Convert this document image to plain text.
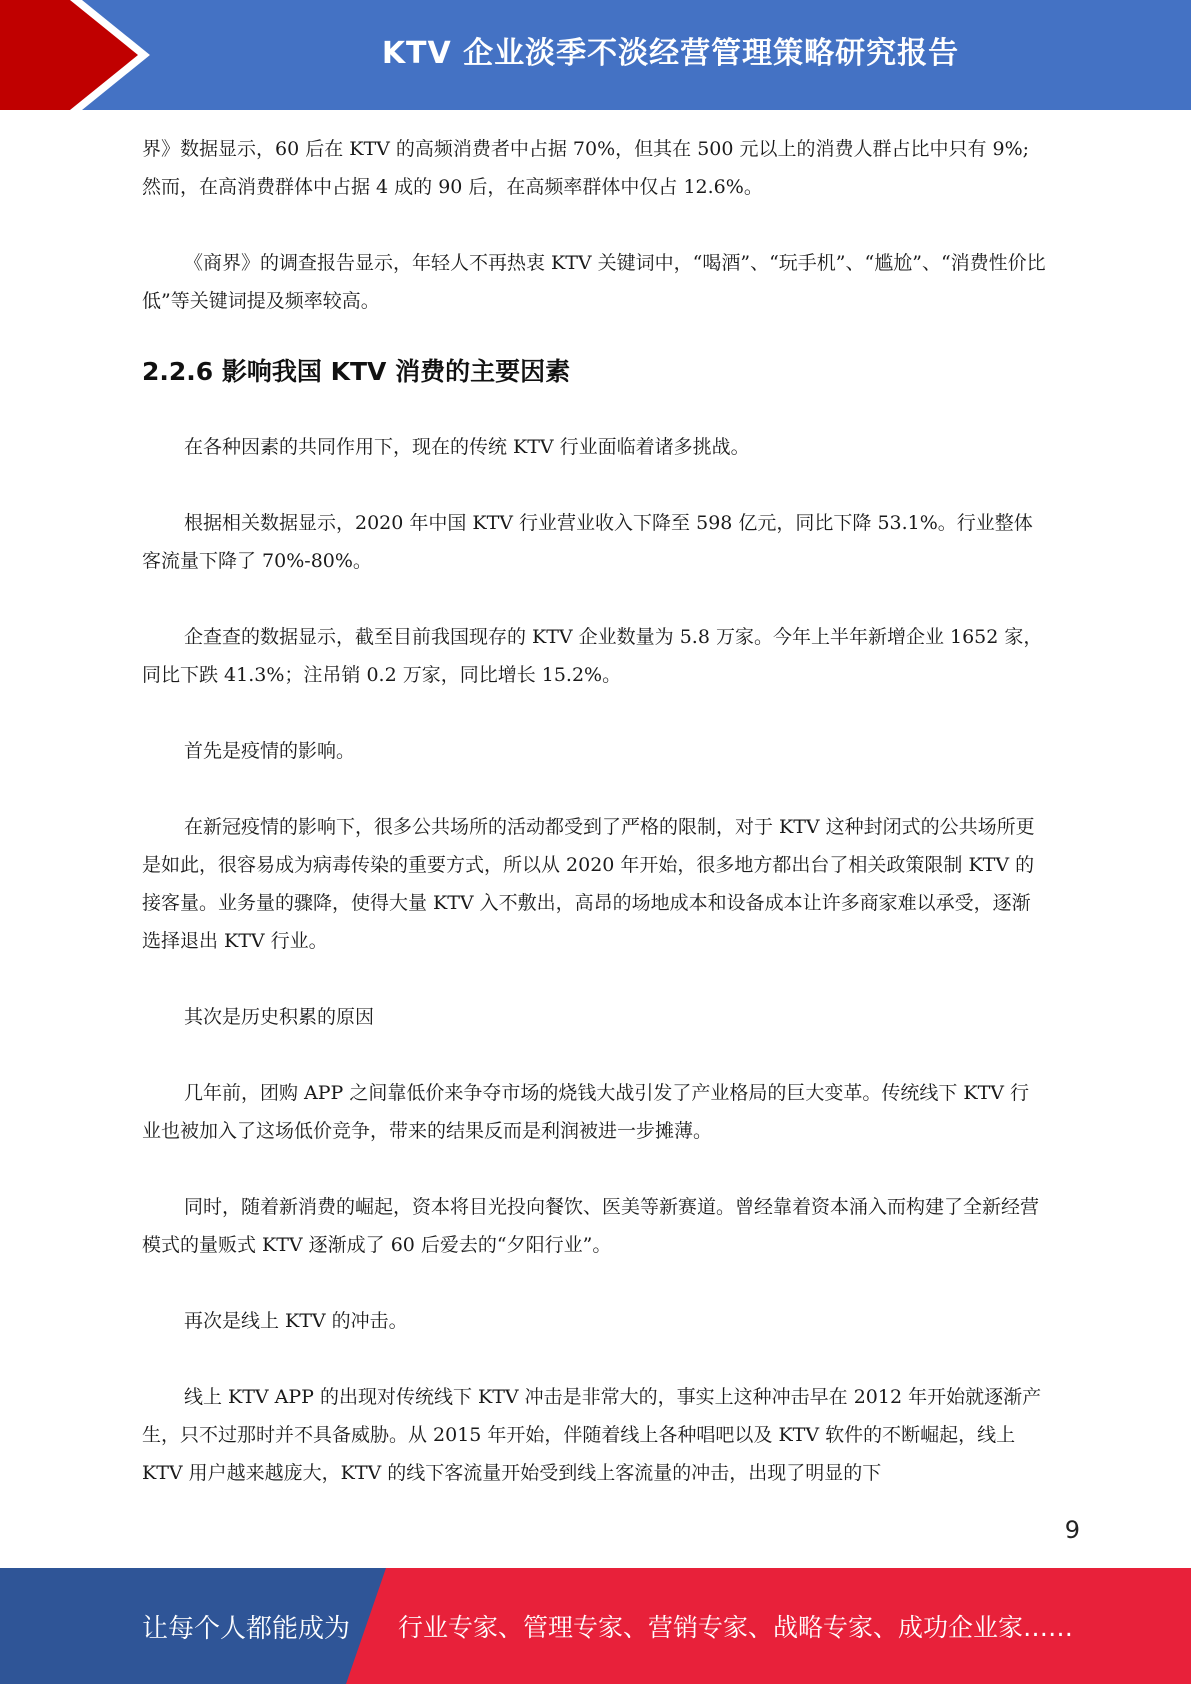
KTV 企业淡季不淡经营管理策略研究报告

界》数据显示，60 后在 KTV 的高频消费者中占据 70%，但其在 500 元以上的消费人群占比中只有 9%;然而，在高消费群体中占据 4 成的 90 后，在高频率群体中仅占 12.6%。

《商界》的调查报告显示，年轻人不再热衷 KTV 关键词中，“喝酒”、“玩手机”、“尴尬”、“消费性价比低”等关键词提及频率较高。

2.2.6 影响我国 KTV 消费的主要因素

在各种因素的共同作用下，现在的传统 KTV 行业面临着诸多挑战。

根据相关数据显示，2020 年中国 KTV 行业营业收入下降至 598 亿元，同比下降 53.1%。行业整体客流量下降了 70%-80%。

企查查的数据显示，截至目前我国现存的 KTV 企业数量为 5.8 万家。今年上半年新增企业 1652 家，同比下跌 41.3%；注吊销 0.2 万家，同比增长 15.2%。

首先是疫情的影响。

在新冠疫情的影响下，很多公共场所的活动都受到了严格的限制，对于 KTV 这种封闭式的公共场所更是如此，很容易成为病毒传染的重要方式，所以从 2020 年开始，很多地方都出台了相关政策限制 KTV 的接客量。业务量的骤降，使得大量 KTV 入不敷出，高昂的场地成本和设备成本让许多商家难以承受，逐渐选择退出 KTV 行业。

其次是历史积累的原因

几年前，团购 APP 之间靠低价来争夺市场的烧钱大战引发了产业格局的巨大变革。传统线下 KTV 行业也被加入了这场低价竞争，带来的结果反而是利润被进一步摊薄。

同时，随着新消费的崛起，资本将目光投向餐饮、医美等新赛道。曾经靠着资本涌入而构建了全新经营模式的量贩式 KTV 逐渐成了 60 后爱去的“夕阳行业”。

再次是线上 KTV 的冲击。

线上 KTV APP 的出现对传统线下 KTV 冲击是非常大的，事实上这种冲击早在 2012 年开始就逐渐产生，只不过那时并不具备威胁。从 2015 年开始，伴随着线上各种唱吧以及 KTV 软件的不断崛起，线上 KTV 用户越来越庞大，KTV 的线下客流量开始受到线上客流量的冲击，出现了明显的下

9
让每个人都能成为 行业专家、管理专家、营销专家、战略专家、成功企业家……
